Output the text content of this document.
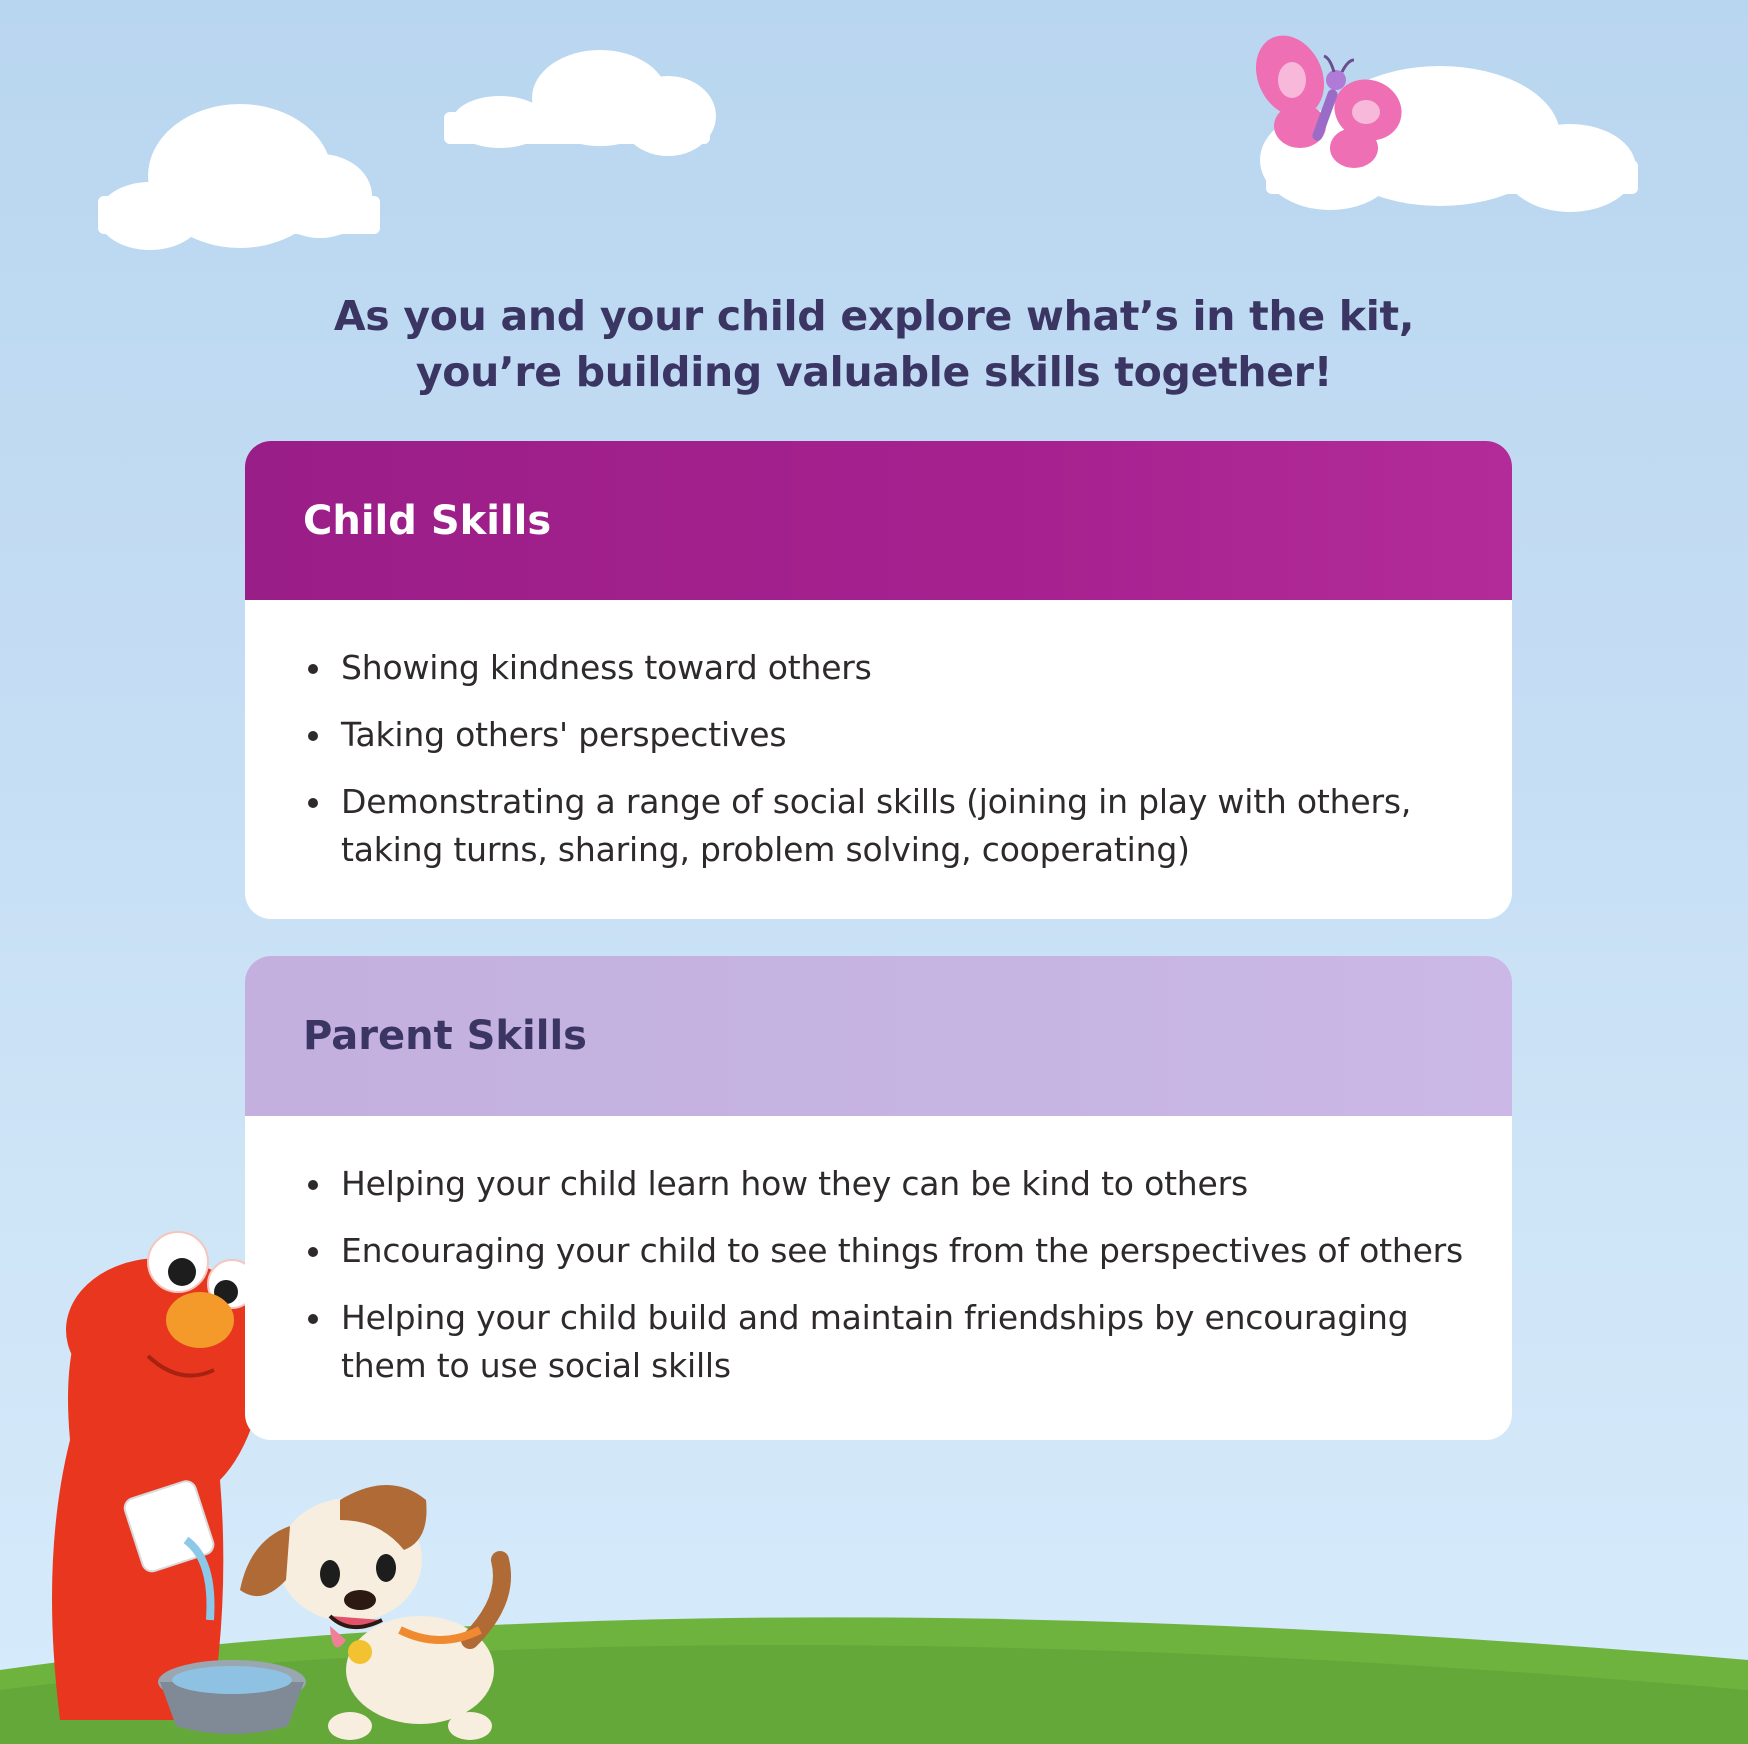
As you and your child explore what’s in the kit,
you’re building valuable skills together!
Child Skills
Showing kindness toward others
Taking others' perspectives
Demonstrating a range of social skills (joining in play with others, taking turns, sharing, problem solving, cooperating)
Parent Skills
Helping your child learn how they can be kind to others
Encouraging your child to see things from the perspectives of others
Helping your child build and maintain friendships by encouraging them to use social skills
